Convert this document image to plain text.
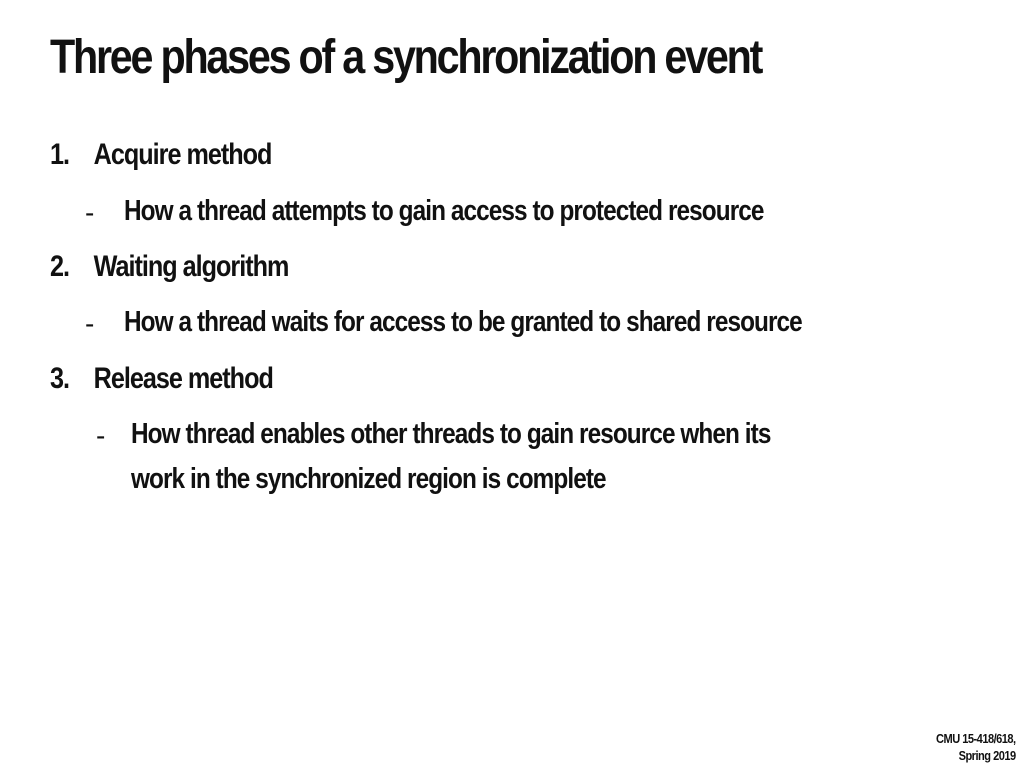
Three phases of a synchronization event
1. Acquire method
- How a thread attempts to gain access to protected resource
2. Waiting algorithm
- How a thread waits for access to be granted to shared resource
3. Release method
- How thread enables other threads to gain resource when its
work in the synchronized region is complete
CMU 15-418/618,
Spring 2019
